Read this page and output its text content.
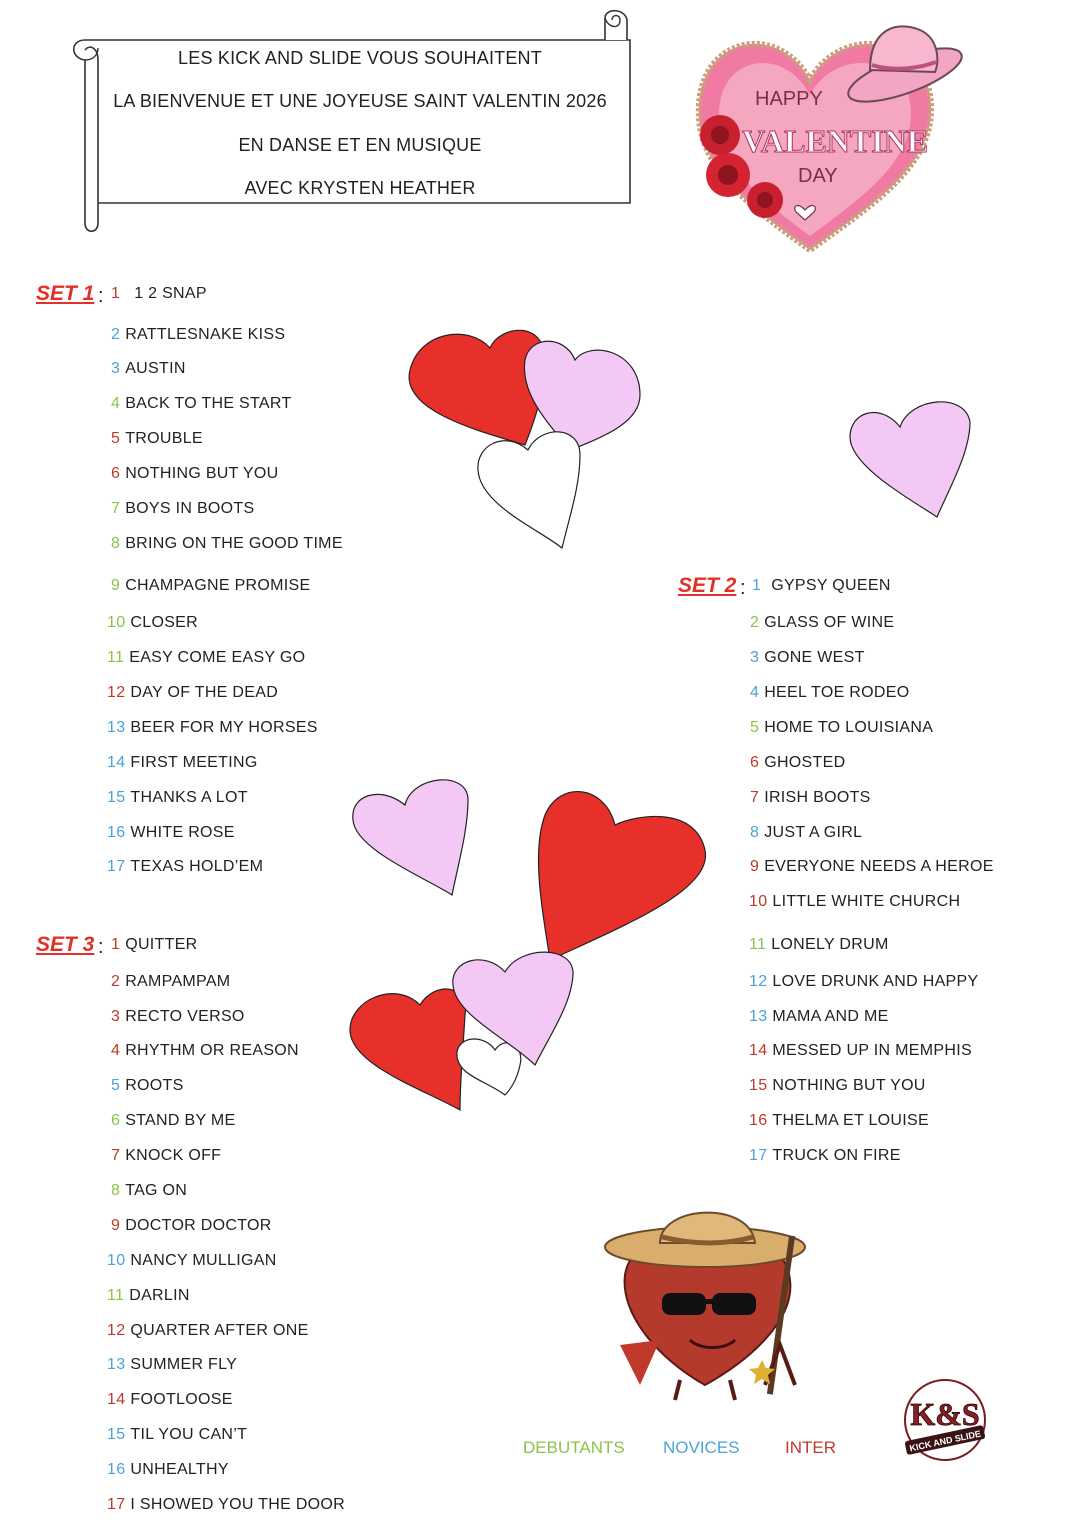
LES KICK AND SLIDE VOUS SOUHAITENT
LA BIENVENUE ET UNE JOYEUSE SAINT VALENTIN 2026
EN DANSE ET EN MUSIQUE
AVEC KRYSTEN HEATHER
HAPPY
VALENTINE
DAY
SET 1 :
SET 2 :
SET 3 :
1 1 2 SNAP
2 RATTLESNAKE KISS
3 AUSTIN
4 BACK TO THE START
5 TROUBLE
6 NOTHING BUT YOU
7 BOYS IN BOOTS
8 BRING ON THE GOOD TIME
9 CHAMPAGNE PROMISE
10 CLOSER
11 EASY COME EASY GO
12 DAY OF THE DEAD
13 BEER FOR MY HORSES
14 FIRST MEETING
15 THANKS A LOT
16 WHITE ROSE
17 TEXAS HOLD’EM
1 GYPSY QUEEN
2 GLASS OF WINE
3 GONE WEST
4 HEEL TOE RODEO
5 HOME TO LOUISIANA
6 GHOSTED
7 IRISH BOOTS
8 JUST A GIRL
9 EVERYONE NEEDS A HEROE
10 LITTLE WHITE CHURCH
11 LONELY DRUM
12 LOVE DRUNK AND HAPPY
13 MAMA AND ME
14 MESSED UP IN MEMPHIS
15 NOTHING BUT YOU
16 THELMA ET LOUISE
17 TRUCK ON FIRE
1 QUITTER
2 RAMPAMPAM
3 RECTO VERSO
4 RHYTHM OR REASON
5 ROOTS
6 STAND BY ME
7 KNOCK OFF
8 TAG ON
9 DOCTOR DOCTOR
10 NANCY MULLIGAN
11 DARLIN
12 QUARTER AFTER ONE
13 SUMMER FLY
14 FOOTLOOSE
15 TIL YOU CAN’T
16 UNHEALTHY
17 I SHOWED YOU THE DOOR
DEBUTANTS NOVICES	INTER
K&S
KICK AND SLIDE
